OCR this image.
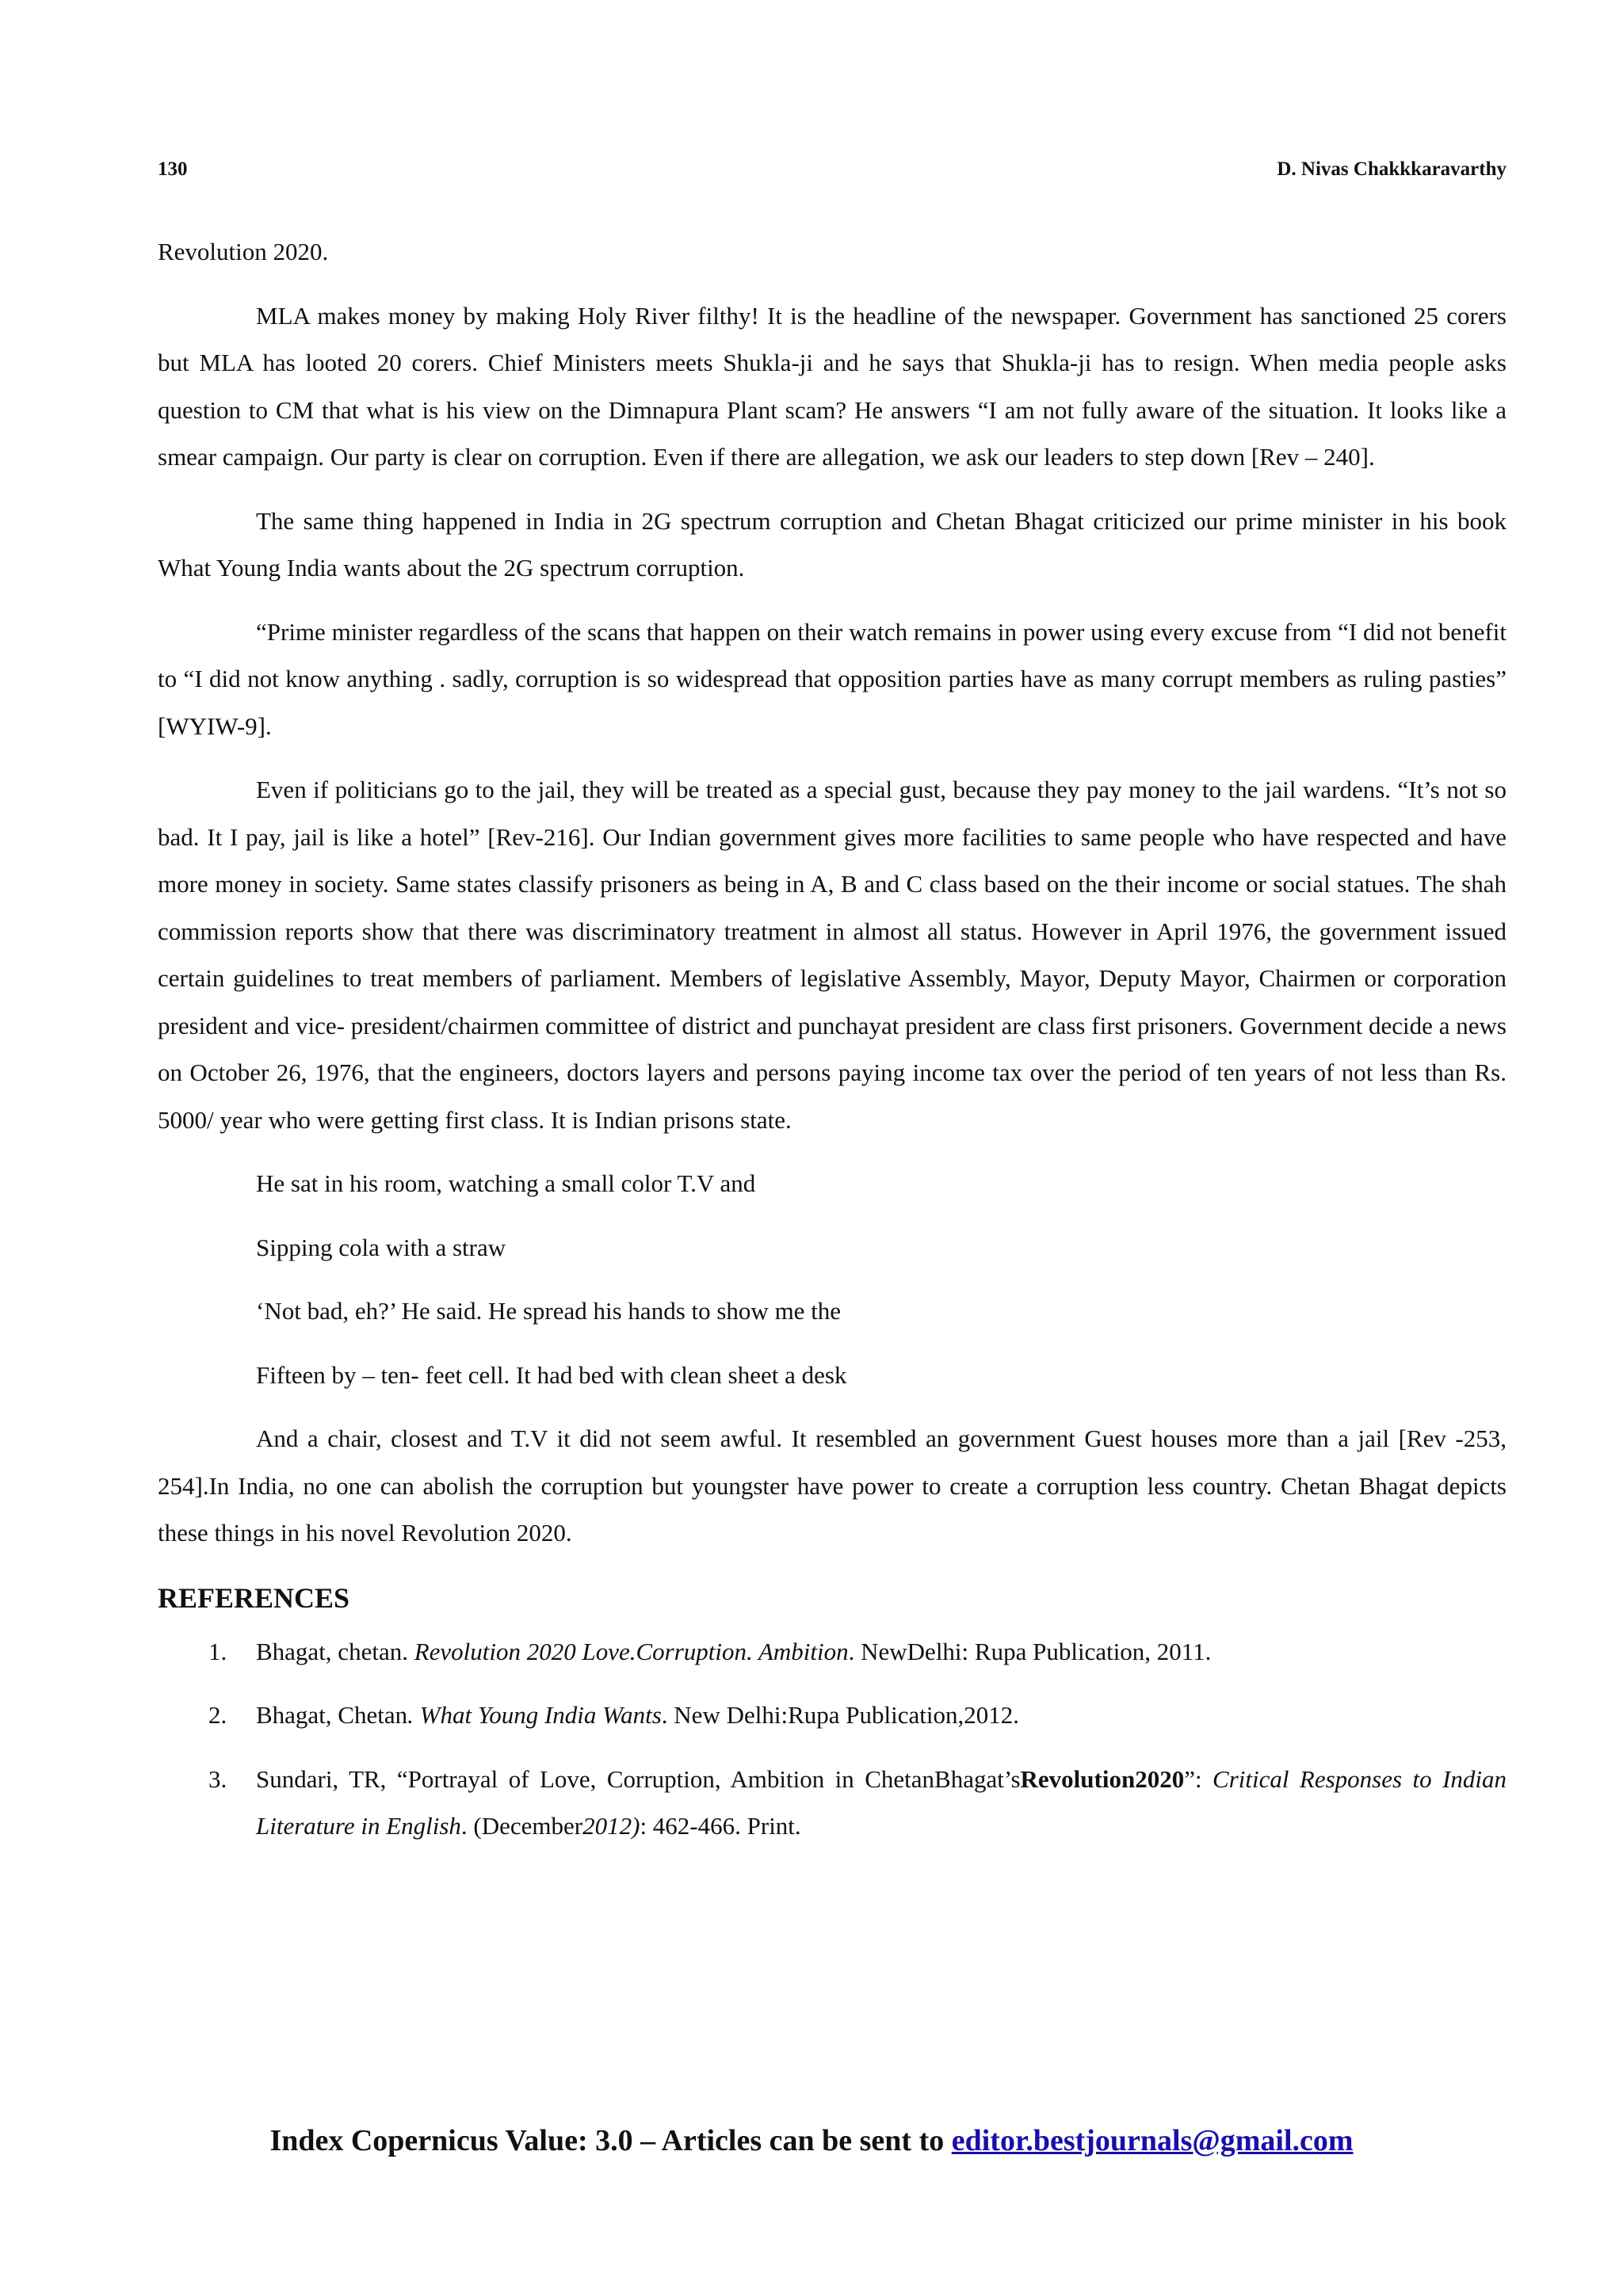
130	D. Nivas Chakkkaravarthy

Revolution 2020.

MLA makes money by making Holy River filthy! It is the headline of the newspaper. Government has sanctioned 25 corers but MLA has looted 20 corers. Chief Ministers meets Shukla-ji and he says that Shukla-ji has to resign. When media people asks question to CM that what is his view on the Dimnapura Plant scam? He answers “I am not fully aware of the situation. It looks like a smear campaign. Our party is clear on corruption. Even if there are allegation, we ask our leaders to step down [Rev – 240].

The same thing happened in India in 2G spectrum corruption and Chetan Bhagat criticized our prime minister in his book What Young India wants about the 2G spectrum corruption.

“Prime minister regardless of the scans that happen on their watch remains in power using every excuse from “I did not benefit to “I did not know anything . sadly, corruption is so widespread that opposition parties have as many corrupt members as ruling pasties” [WYIW-9].

Even if politicians go to the jail, they will be treated as a special gust, because they pay money to the jail wardens. “It’s not so bad. It I pay, jail is like a hotel” [Rev-216]. Our Indian government gives more facilities to same people who have respected and have more money in society. Same states classify prisoners as being in A, B and C class based on the their income or social statues. The shah commission reports show that there was discriminatory treatment in almost all status. However in April 1976, the government issued certain guidelines to treat members of parliament. Members of legislative Assembly, Mayor, Deputy Mayor, Chairmen or corporation president and vice- president/chairmen committee of district and punchayat president are class first prisoners. Government decide a news on October 26, 1976, that the engineers, doctors layers and persons paying income tax over the period of ten years of not less than Rs. 5000/ year who were getting first class. It is Indian prisons state.

He sat in his room, watching a small color T.V and

Sipping cola with a straw

‘Not bad, eh?’ He said. He spread his hands to show me the

Fifteen by – ten- feet cell. It had bed with clean sheet a desk

And a chair, closest and T.V it did not seem awful. It resembled an government Guest houses more than a jail [Rev -253, 254].In India, no one can abolish the corruption but youngster have power to create a corruption less country. Chetan Bhagat depicts these things in his novel Revolution 2020.

REFERENCES
1.	Bhagat, chetan. Revolution 2020 Love.Corruption. Ambition. NewDelhi: Rupa Publication, 2011.
2.	Bhagat, Chetan. What Young India Wants. New Delhi:Rupa Publication,2012.
3.	Sundari, TR, “Portrayal of Love, Corruption, Ambition in ChetanBhagat’sRevolution2020”: Critical Responses to Indian Literature in English. (December2012): 462-466. Print.
Index Copernicus Value: 3.0 – Articles can be sent to editor.bestjournals@gmail.com
